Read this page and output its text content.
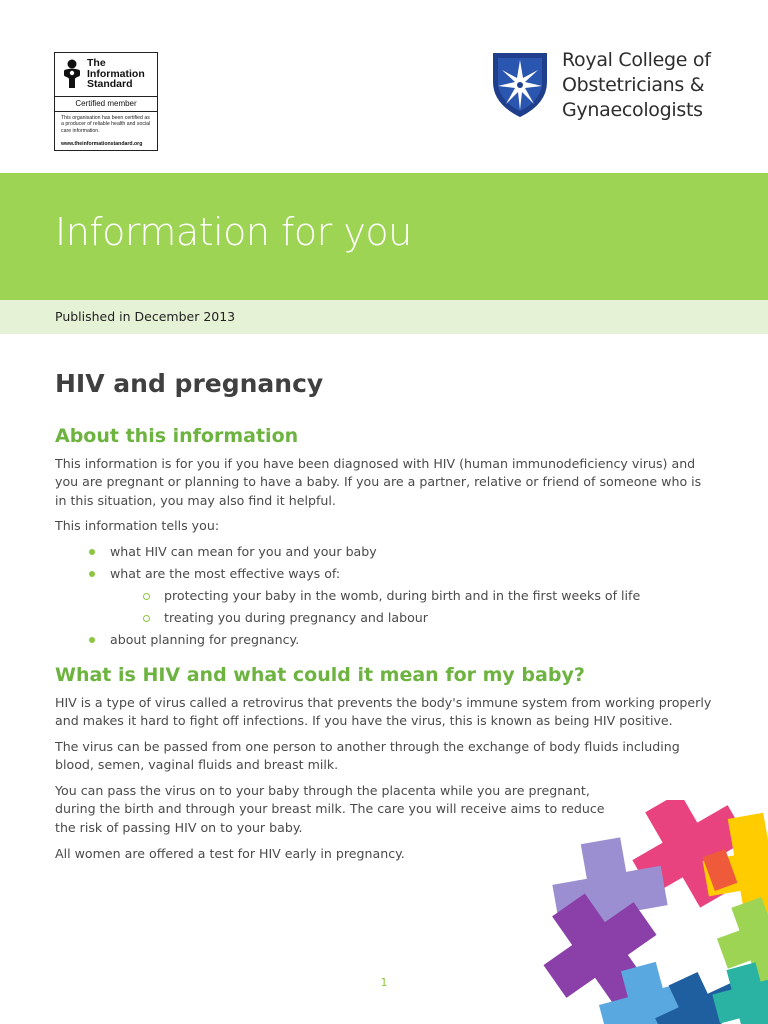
The
Information
Standard
Certified member
This organisation has been certified as a producer of reliable health and social care information.
www.theinformationstandard.org
Royal College of
Obstetricians &
Gynaecologists
Information for you
Published in December 2013
HIV and pregnancy
About this information
This information is for you if you have been diagnosed with HIV (human immunodeficiency virus) and you are pregnant or planning to have a baby. If you are a partner, relative or friend of someone who is in this situation, you may also find it helpful.
This information tells you:
what HIV can mean for you and your baby
what are the most effective ways of:
protecting your baby in the womb, during birth and in the first weeks of life
treating you during pregnancy and labour
about planning for pregnancy.
What is HIV and what could it mean for my baby?
HIV is a type of virus called a retrovirus that prevents the body's immune system from working properly and makes it hard to fight off infections. If you have the virus, this is known as being HIV positive.
The virus can be passed from one person to another through the exchange of body fluids including blood, semen, vaginal fluids and breast milk.
You can pass the virus on to your baby through the placenta while you are pregnant, during the birth and through your breast milk. The care you will receive aims to reduce the risk of passing HIV on to your baby.
All women are offered a test for HIV early in pregnancy.
1
